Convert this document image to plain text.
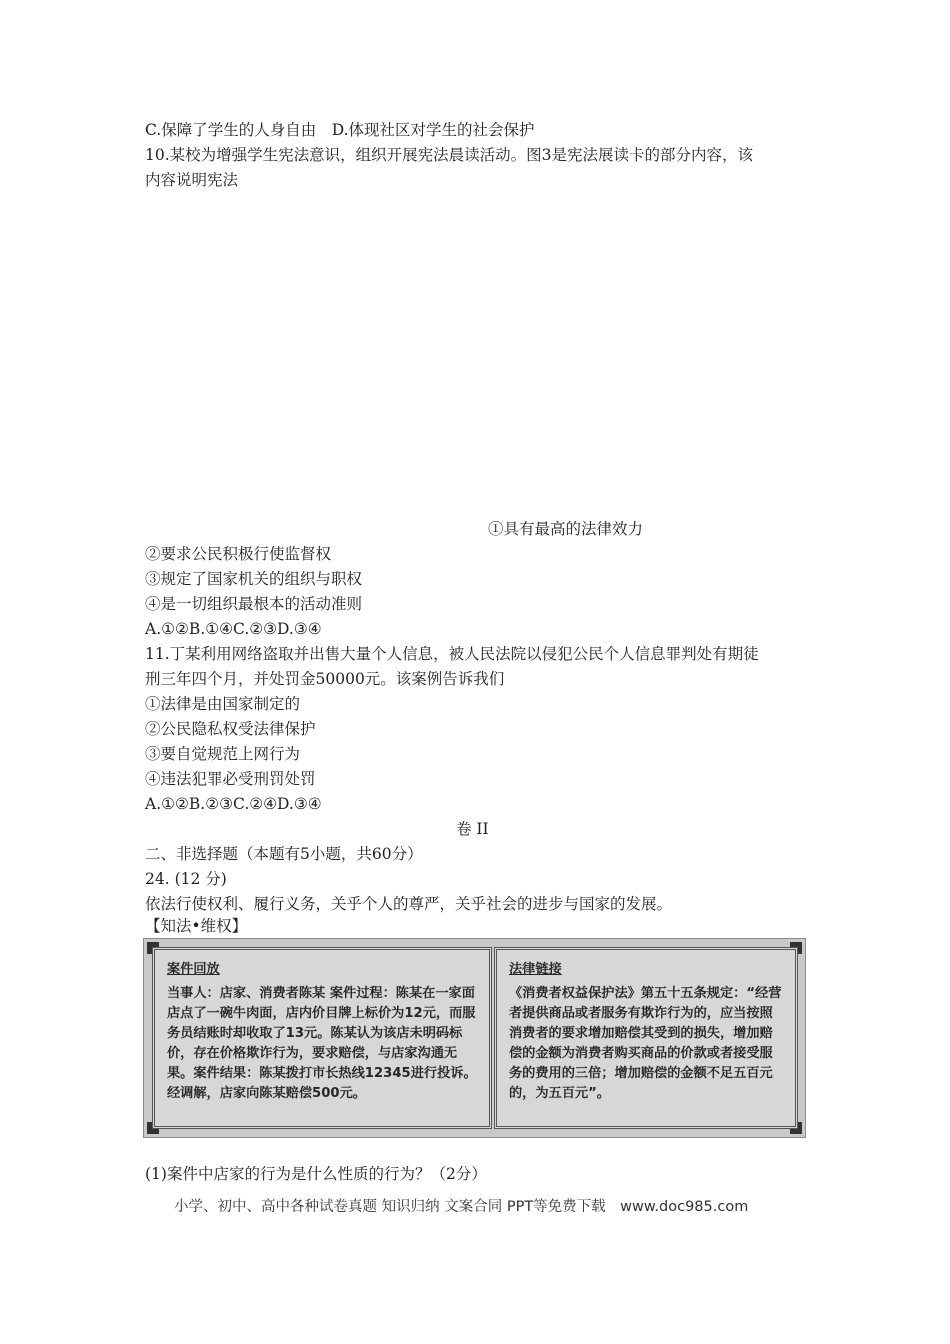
C.保障了学生的人身自由　D.体现社区对学生的社会保护
10.某校为增强学生宪法意识，组织开展宪法晨读活动。图3是宪法展读卡的部分内容，该
内容说明宪法
①具有最高的法律效力
②要求公民积极行使监督权
③规定了国家机关的组织与职权
④是一切组织最根本的活动准则
A.①②B.①④C.②③D.③④
11.丁某利用网络盗取并出售大量个人信息，被人民法院以侵犯公民个人信息罪判处有期徒
刑三年四个月，并处罚金50000元。该案例告诉我们
①法律是由国家制定的
②公民隐私权受法律保护
③要自觉规范上网行为
④违法犯罪必受刑罚处罚
A.①②B.②③C.②④D.③④
卷 II
二、非选择题（本题有5小题，共60分）
24. (12 分)
依法行使权利、履行义务，关乎个人的尊严，关乎社会的进步与国家的发展。
【知法•维权】
案件回放
当事人：店家、消费者陈某 案件过程：陈某在一家面店点了一碗牛肉面，店内价目牌上标价为12元，而服务员结账时却收取了13元。陈某认为该店未明码标价，存在价格欺诈行为，要求赔偿，与店家沟通无果。案件结果：陈某拨打市长热线12345进行投诉。经调解，店家向陈某赔偿500元。
法律链接
《消费者权益保护法》第五十五条规定：“经营者提供商品或者服务有欺诈行为的，应当按照消费者的要求增加赔偿其受到的损失，增加赔偿的金额为消费者购买商品的价款或者接受服务的费用的三倍；增加赔偿的金额不足五百元的，为五百元”。
(1)案件中店家的行为是什么性质的行为？（2分）
小学、初中、高中各种试卷真题 知识归纳 文案合同 PPT等免费下载　www.doc985.com
